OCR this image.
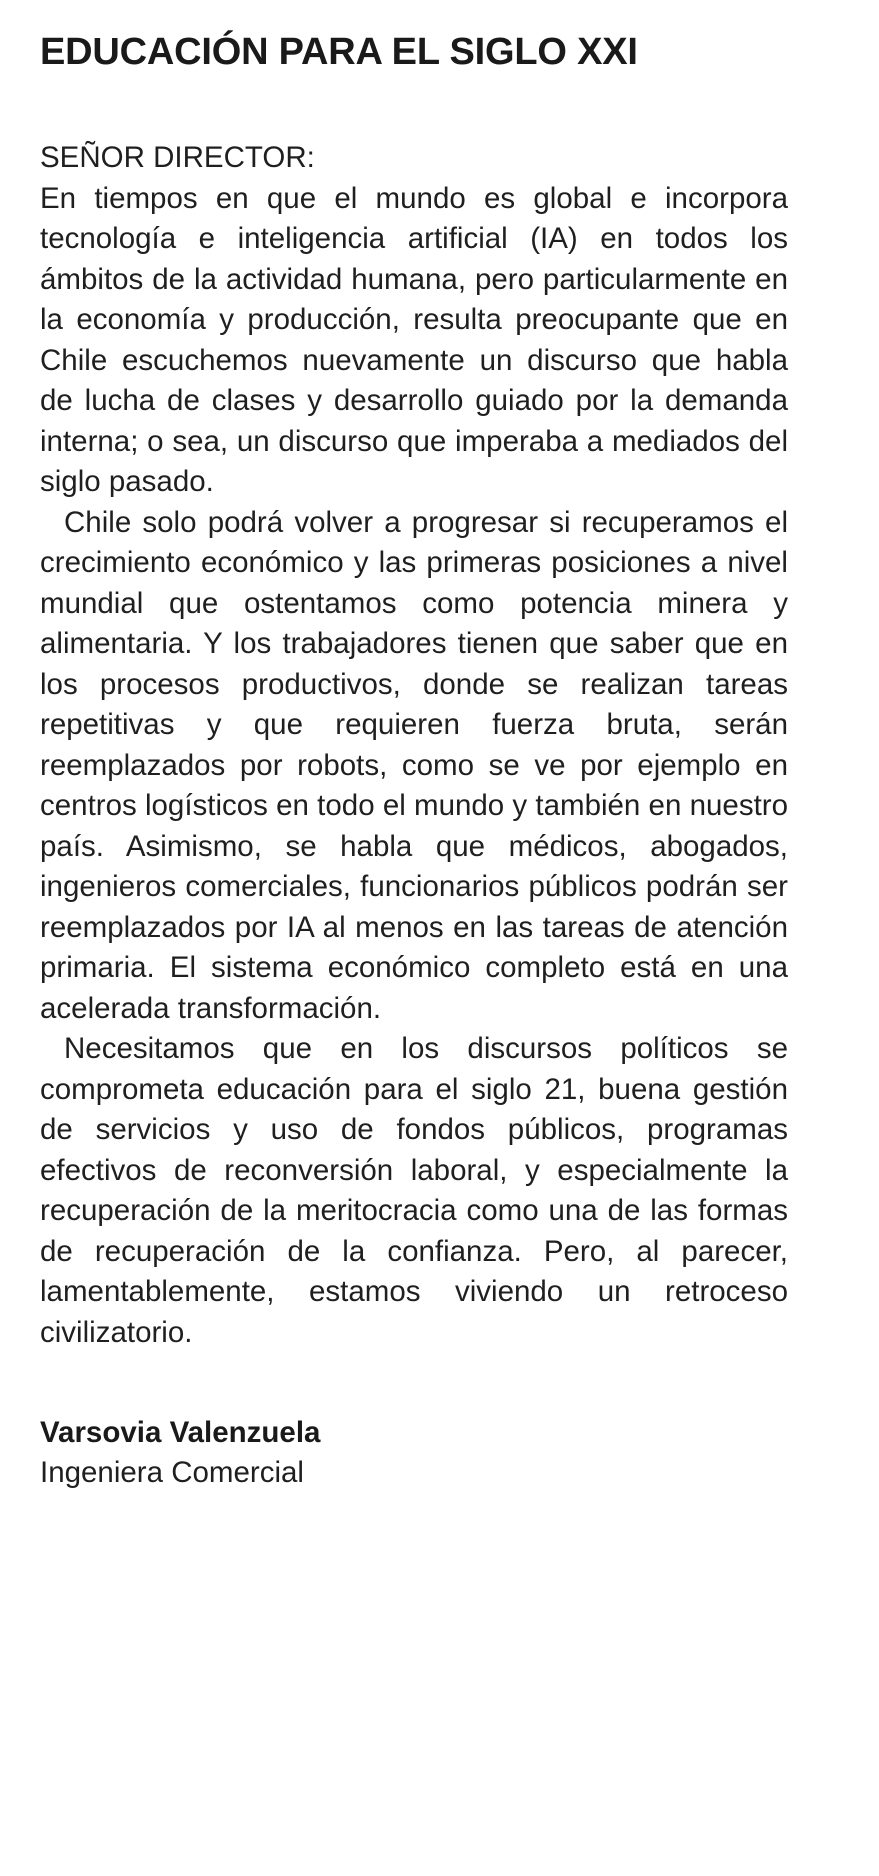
EDUCACIÓN PARA EL SIGLO XXI
SEÑOR DIRECTOR:

En tiempos en que el mundo es global e incorpora tecnología e inteligencia artificial (IA) en todos los ámbitos de la actividad humana, pero particularmente en la economía y producción, resulta preocupante que en Chile escuchemos nuevamente un discurso que habla de lucha de clases y desarrollo guiado por la demanda interna; o sea, un discurso que imperaba a mediados del siglo pasado.

Chile solo podrá volver a progresar si recuperamos el crecimiento económico y las primeras posiciones a nivel mundial que ostentamos como potencia minera y alimentaria. Y los trabajadores tienen que saber que en los procesos productivos, donde se realizan tareas repetitivas y que requieren fuerza bruta, serán reemplazados por robots, como se ve por ejemplo en centros logísticos en todo el mundo y también en nuestro país. Asimismo, se habla que médicos, abogados, ingenieros comerciales, funcionarios públicos podrán ser reemplazados por IA al menos en las tareas de atención primaria. El sistema económico completo está en una acelerada transformación.

Necesitamos que en los discursos políticos se comprometa educación para el siglo 21, buena gestión de servicios y uso de fondos públicos, programas efectivos de reconversión laboral, y especialmente la recuperación de la meritocracia como una de las formas de recuperación de la confianza. Pero, al parecer, lamentablemente, estamos viviendo un retroceso civilizatorio.

Varsovia Valenzuela
Ingeniera Comercial
